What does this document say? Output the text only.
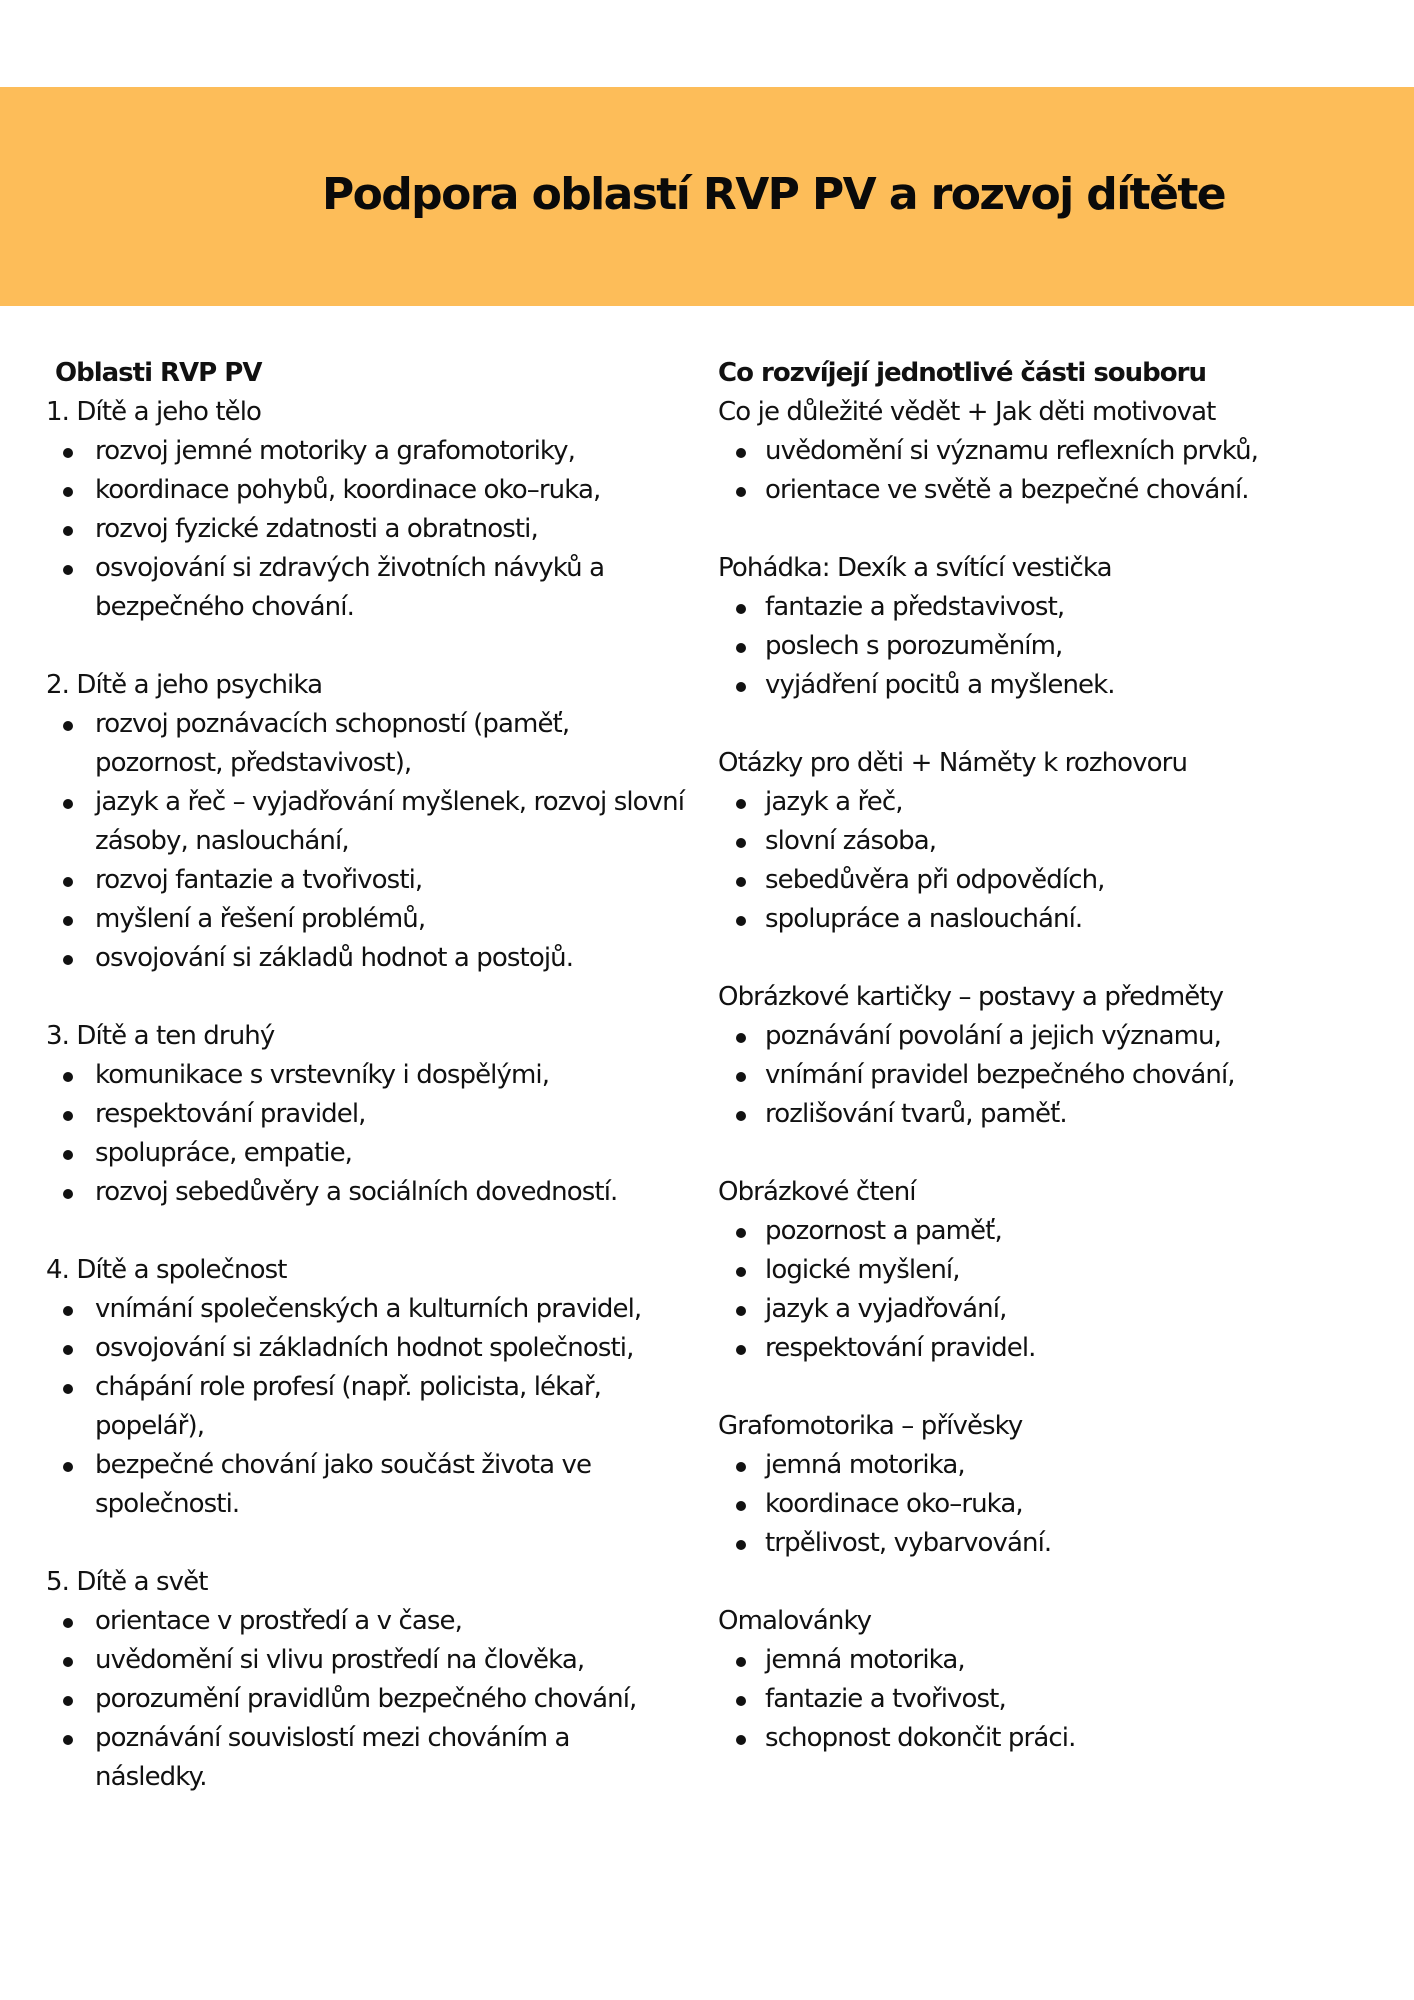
Podpora oblastí RVP PV a rozvoj dítěte

Oblasti RVP PV

1. Dítě a jeho tělo

rozvoj jemné motoriky a grafomotoriky,
koordinace pohybů, koordinace oko–ruka,
rozvoj fyzické zdatnosti a obratnosti,
osvojování si zdravých životních návyků a bezpečného chování.

2. Dítě a jeho psychika

rozvoj poznávacích schopností (paměť, pozornost, představivost),
jazyk a řeč – vyjadřování myšlenek, rozvoj slovní zásoby, naslouchání,
rozvoj fantazie a tvořivosti,
myšlení a řešení problémů,
osvojování si základů hodnot a postojů.

3. Dítě a ten druhý

komunikace s vrstevníky i dospělými,
respektování pravidel,
spolupráce, empatie,
rozvoj sebedůvěry a sociálních dovedností.

4. Dítě a společnost

vnímání společenských a kulturních pravidel,
osvojování si základních hodnot společnosti,
chápání role profesí (např. policista, lékař, popelář),
bezpečné chování jako součást života ve společnosti.

5. Dítě a svět

orientace v prostředí a v čase,
uvědomění si vlivu prostředí na člověka,
porozumění pravidlům bezpečného chování,
poznávání souvislostí mezi chováním a následky.

Co rozvíjejí jednotlivé části souboru

Co je důležité vědět + Jak děti motivovat

uvědomění si významu reflexních prvků,
orientace ve světě a bezpečné chování.

Pohádka: Dexík a svítící vestička

fantazie a představivost,
poslech s porozuměním,
vyjádření pocitů a myšlenek.

Otázky pro děti + Náměty k rozhovoru

jazyk a řeč,
slovní zásoba,
sebedůvěra při odpovědích,
spolupráce a naslouchání.

Obrázkové kartičky – postavy a předměty

poznávání povolání a jejich významu,
vnímání pravidel bezpečného chování,
rozlišování tvarů, paměť.

Obrázkové čtení

pozornost a paměť,
logické myšlení,
jazyk a vyjadřování,
respektování pravidel.

Grafomotorika – přívěsky

jemná motorika,
koordinace oko–ruka,
trpělivost, vybarvování.

Omalovánky

jemná motorika,
fantazie a tvořivost,
schopnost dokončit práci.
